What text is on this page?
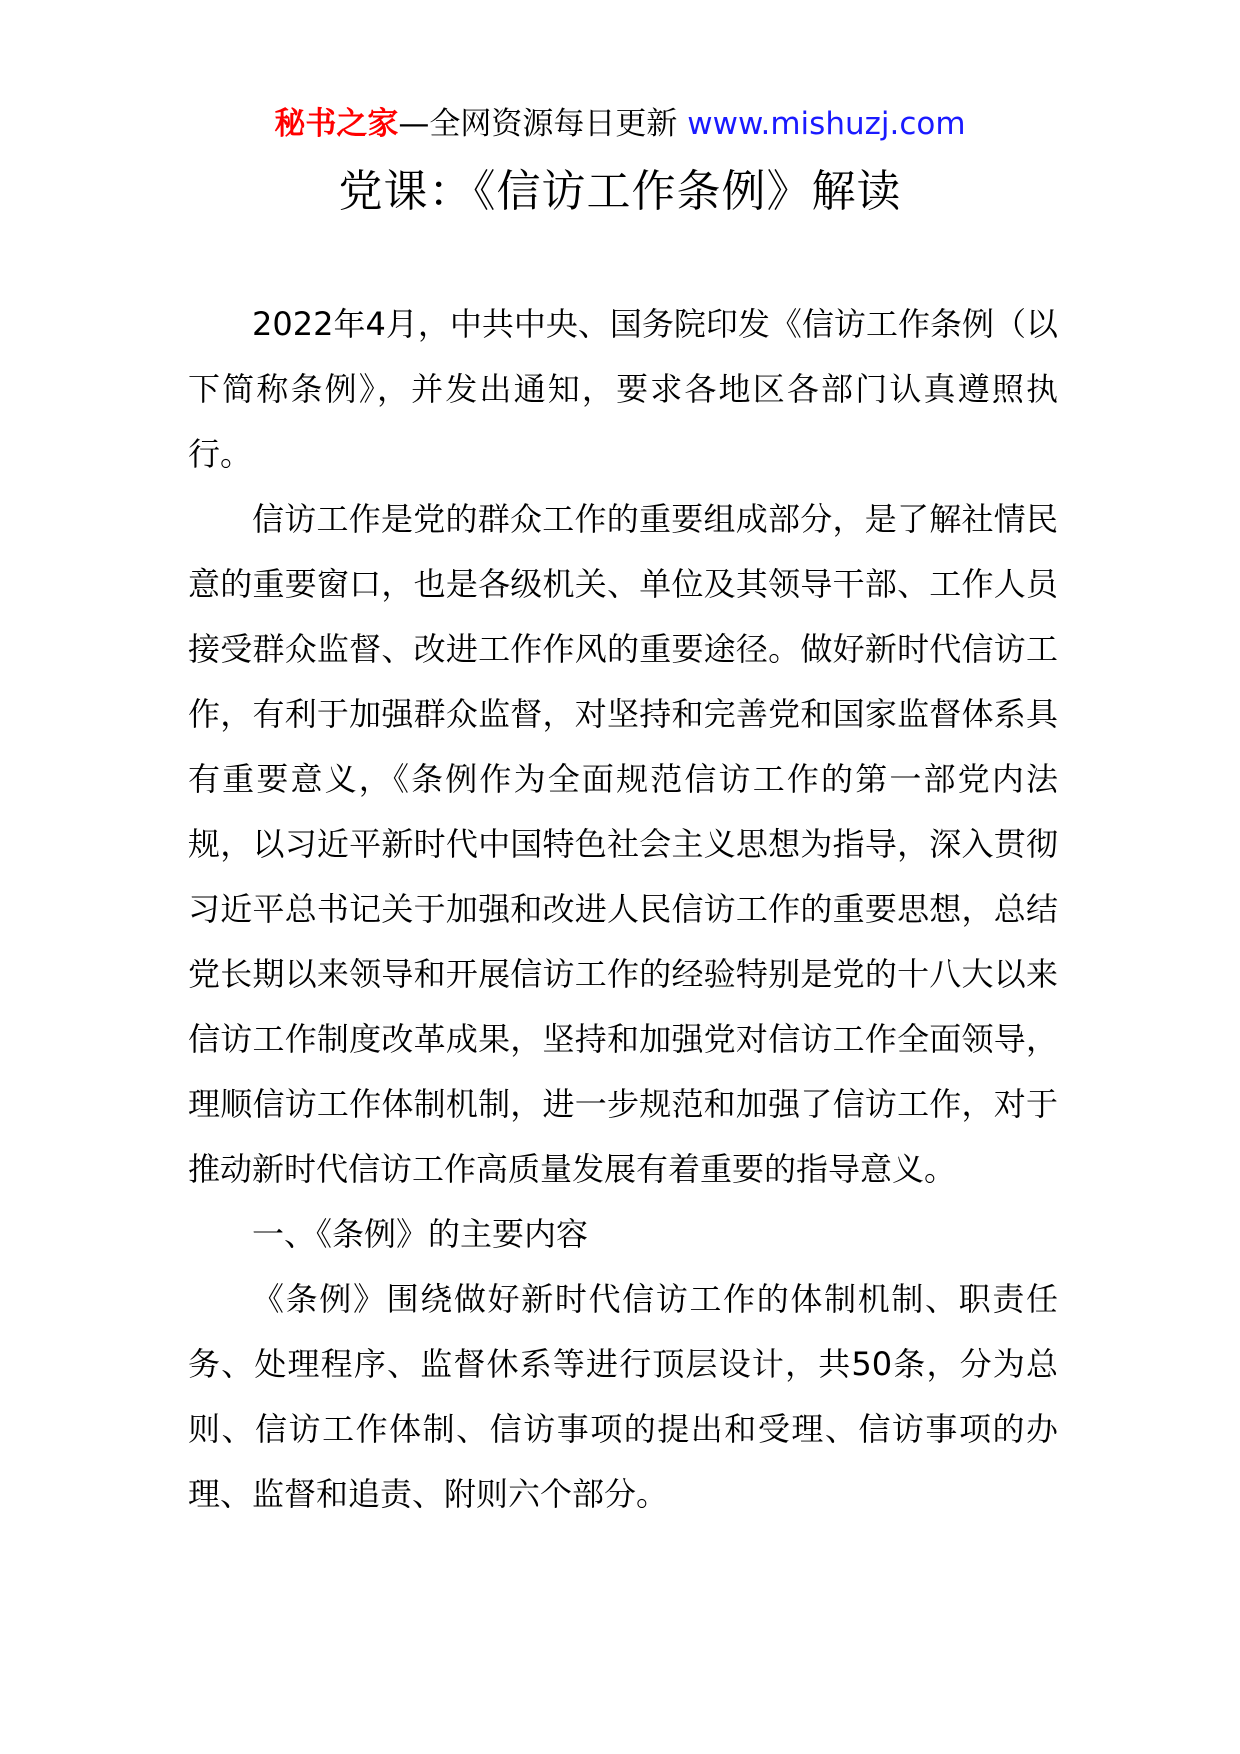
秘书之家—全网资源每日更新 www.mishuzj.com
党课：《信访工作条例》解读

2022年4月，中共中央、国务院印发《信访工作条例（以下简称条例》，并发出通知，要求各地区各部门认真遵照执行。

信访工作是党的群众工作的重要组成部分，是了解社情民意的重要窗口，也是各级机关、单位及其领导干部、工作人员接受群众监督、改进工作作风的重要途径。做好新时代信访工作，有利于加强群众监督，对坚持和完善党和国家监督体系具有重要意义，《条例作为全面规范信访工作的第一部党内法规，以习近平新时代中国特色社会主义思想为指导，深入贯彻习近平总书记关于加强和改进人民信访工作的重要思想，总结党长期以来领导和开展信访工作的经验特别是党的十八大以来信访工作制度改革成果，坚持和加强党对信访工作全面领导，理顺信访工作体制机制，进一步规范和加强了信访工作，对于推动新时代信访工作高质量发展有着重要的指导意义。

一、《条例》的主要内容

《条例》围绕做好新时代信访工作的体制机制、职责任务、处理程序、监督休系等进行顶层设计，共50条，分为总则、信访工作体制、信访事项的提出和受理、信访事项的办理、监督和追责、附则六个部分。
